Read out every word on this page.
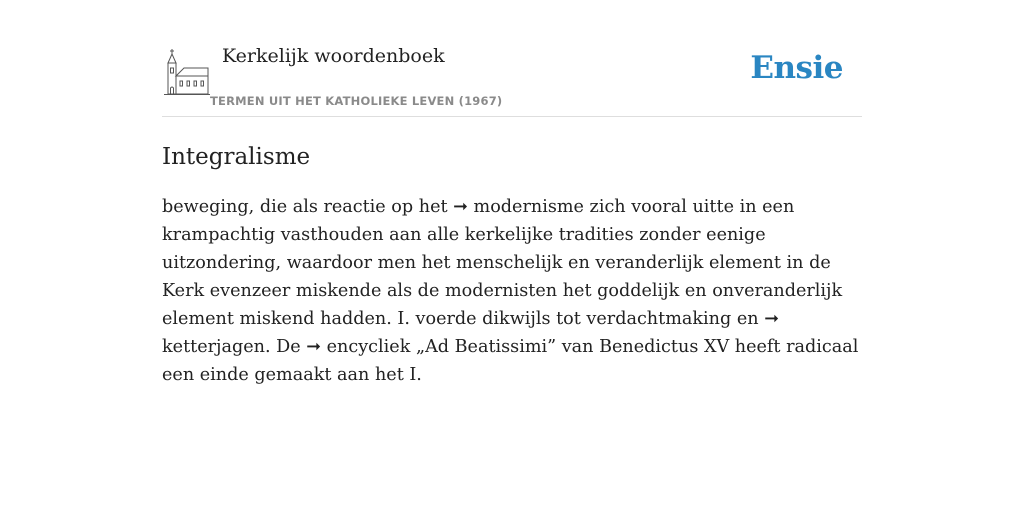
Kerkelijk woordenboek
TERMEN UIT HET KATHOLIEKE LEVEN (1967)
Ensie
Integralisme

beweging, die als reactie op het ➞ modernisme zich vooral uitte in een krampachtig vasthouden aan alle kerkelijke tradities zonder eenige uitzondering, waardoor men het menschelijk en veranderlijk element in de Kerk evenzeer miskende als de modernisten het goddelijk en onveranderlijk element miskend hadden. I. voerde dikwijls tot verdachtmaking en ➞ ketterjagen. De ➞ encycliek „Ad Beatissimi” van Benedictus XV heeft radicaal een einde gemaakt aan het I.
